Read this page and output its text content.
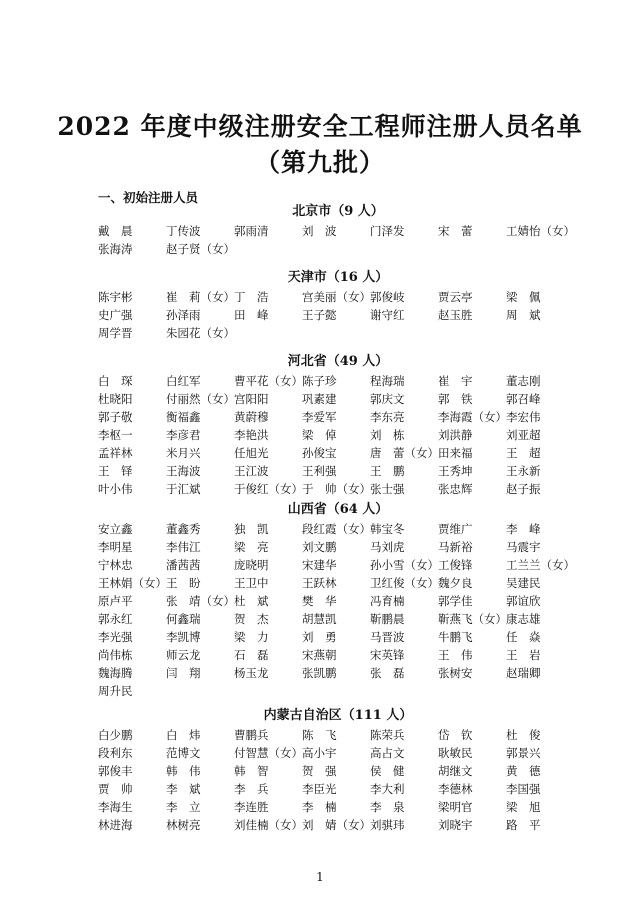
2022 年度中级注册安全工程师注册人员名单
（第九批）
一、初始注册人员
北京市（9 人）
戴　晨	丁传波	郭雨清	刘　波	门泽发	宋　蕾	工婧怡（女）
张海涛	赵子贤（女）
天津市（16 人）
陈宇彬	崔　莉（女） 丁　浩	宫美丽（女） 郭俊岐	贾云亭	梁　佩
史广强	孙泽雨	田　峰	王子懿	谢守红	赵玉胜	周　斌
周学晋	朱园花（女）
河北省（49 人）
白　琛	白红军	曹平花（女） 陈子珍	程海瑞	崔　宇	董志刚
杜晓阳	付丽然（女） 宫阳阳	巩素建	郭庆文	郭　铁	郭召峰
郭子敬	衡福鑫	黄蔚穆	李爱军	李东亮	李海霞（女） 李宏伟
李枢一	李彦君	李艳洪	梁　倬	刘　栋	刘洪静	刘亚超
孟祥林	米月兴	任旭光	孙俊宝	唐　蕾（女） 田来福	王　超
王　铎	王海波	王江波	王利强	王　鹏	王秀坤	王永新
叶小伟	于汇斌	于俊红（女） 于　帅（女） 张士强	张忠辉	赵子振
山西省（64 人）
安立鑫	董鑫秀	独　凯	段红霞（女） 韩宝冬	贾维广	李　峰
李明星	李伟江	梁　亮	刘文鹏	马刘虎	马新裕	马震宇
宁林忠	潘茜茜	庞晓明	宋建华	孙小雪（女） 工俊锋	工兰兰（女）
王林娟（女） 王　盼	王卫中	王跃林	卫红俊（女） 魏夕良	吴建民
原卢平	张　靖（女） 杜　斌	樊　华	冯育楠	郭学佳	郭谊欣
郭永红	何鑫瑞	贺　杰	胡慧凯	靳鹏晨	靳燕飞（女） 康志雄
李光强	李凯博	梁　力	刘　勇	马晋波	牛鹏飞	任　焱
尚伟栋	师云龙	石　磊	宋燕朝	宋英锋	王　伟	王　岩
魏海腾	闫　翔	杨玉龙	张凯鹏	张　磊	张树安	赵瑞卿
周升民
内蒙古自治区（111 人）
白少鹏	白　炜	曹鹏兵	陈　飞	陈荣兵	岱　钦	杜　俊
段利东	范博文	付智慧（女） 高小宇	高占文	耿敏民	郭景兴
郭俊丰	韩　伟	韩　智	贺　强	侯　健	胡继文	黄　德
贾　帅	李　斌	李　兵	李臣光	李大利	李德林	李国强
李海生	李　立	李连胜	李　楠	李　泉	梁明官	梁　旭
林进海	林树亮	刘佳楠（女） 刘　婧（女） 刘骐玮	刘晓宇	路　平
1
